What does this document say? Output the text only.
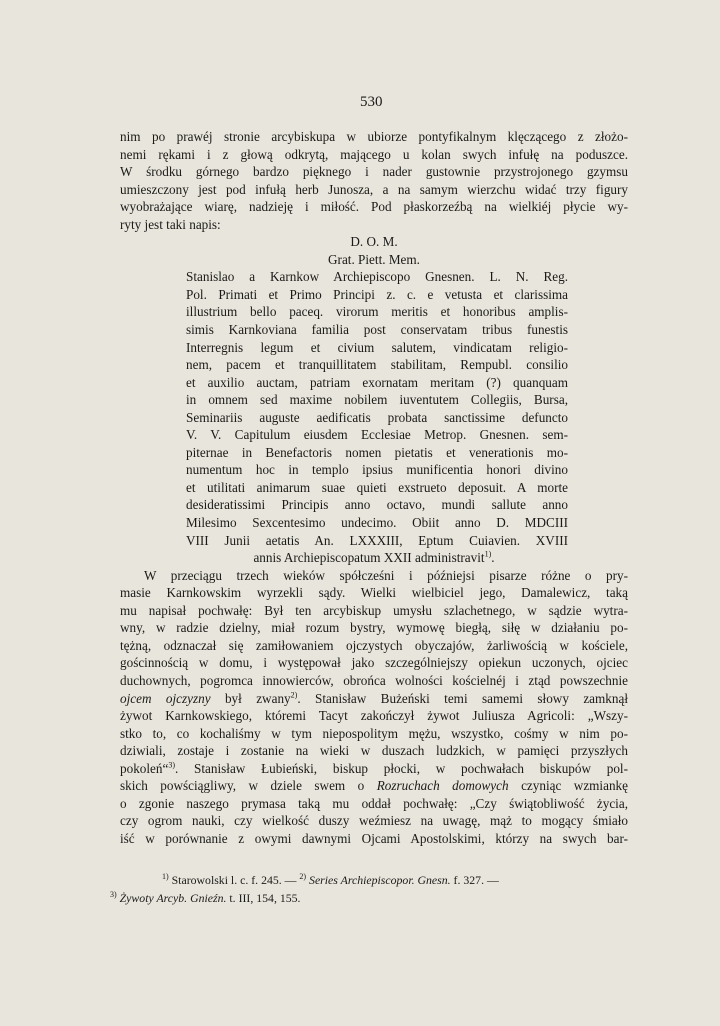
530
nim po prawéj stronie arcybiskupa w ubiorze pontyfikalnym klęczącego z złożo-
nemi rękami i z głową odkrytą, mającego u kolan swych infułę na poduszce.
W środku górnego bardzo pięknego i nader gustownie przystrojonego gzymsu
umieszczony jest pod infułą herb Junosza, a na samym wierzchu widać trzy figury
wyobrażające wiarę, nadzieję i miłość. Pod płaskorzeźbą na wielkiéj płycie wy-
ryty jest taki napis:
D. O. M.
Grat. Piett. Mem.
Stanislao a Karnkow Archiepiscopo Gnesnen. L. N. Reg.
Pol. Primati et Primo Principi z. c. e vetusta et clarissima
illustrium bello paceq. virorum meritis et honoribus amplis-
simis Karnkoviana familia post conservatam tribus funestis
Interregnis legum et civium salutem, vindicatam religio-
nem, pacem et tranquillitatem stabilitam, Rempubl. consilio
et auxilio auctam, patriam exornatam meritam (?) quanquam
in omnem sed maxime nobilem iuventutem Collegiis, Bursa,
Seminariis auguste aedificatis probata sanctissime defuncto
V. V. Capitulum eiusdem Ecclesiae Metrop. Gnesnen. sem-
piternae in Benefactoris nomen pietatis et venerationis mo-
numentum hoc in templo ipsius munificentia honori divino
et utilitati animarum suae quieti exstrueto deposuit. A morte
desideratissimi Principis anno octavo, mundi sallute anno
Milesimo Sexcentesimo undecimo. Obiit anno D. MDCIII
VIII Junii aetatis An. LXXXIII, Eptum Cuiavien. XVIII
annis Archiepiscopatum XXII administravit$^{1)}$.
W przeciągu trzech wieków spółcześni i późniejsi pisarze różne o pry-
masie Karnkowskim wyrzekli sądy. Wielki wielbiciel jego, Damalewicz, taką
mu napisał pochwałę: Był ten arcybiskup umysłu szlachetnego, w sądzie wytra-
wny, w radzie dzielny, miał rozum bystry, wymowę biegłą, siłę w działaniu po-
tężną, odznaczał się zamiłowaniem ojczystych obyczajów, żarliwością w kościele,
gościnnością w domu, i występował jako szczególniejszy opiekun uczonych, ojciec
duchownych, pogromca innowierców, obrońca wolności kościelnéj i ztąd powszechnie
ojcem ojczyzny był zwany$^{2)}$. Stanisław Bużeński temi samemi słowy zamknął
żywot Karnkowskiego, któremi Tacyt zakończył żywot Juliusza Agricoli: „Wszy-
stko to, co kochaliśmy w tym niepospolitym mężu, wszystko, cośmy w nim po-
dziwiali, zostaje i zostanie na wieki w duszach ludzkich, w pamięci przyszłych
pokoleń“$^{3)}$. Stanisław Łubieński, biskup płocki, w pochwałach biskupów pol-
skich powściągliwy, w dziele swem o Rozruchach domowych czyniąc wzmiankę
o zgonie naszego prymasa taką mu oddał pochwałę: „Czy świątobliwość życia,
czy ogrom nauki, czy wielkość duszy weźmiesz na uwagę, mąż to mogący śmiało
iść w porównanie z owymi dawnymi Ojcami Apostolskimi, którzy na swych bar-
$^{1)}$ Starowolski l. c. f. 245. — $^{2)}$ Series Archiepiscopor. Gnesn. f. 327. —
$^{3)}$ Żywoty Arcyb. Gnieźn. t. III, 154, 155.
